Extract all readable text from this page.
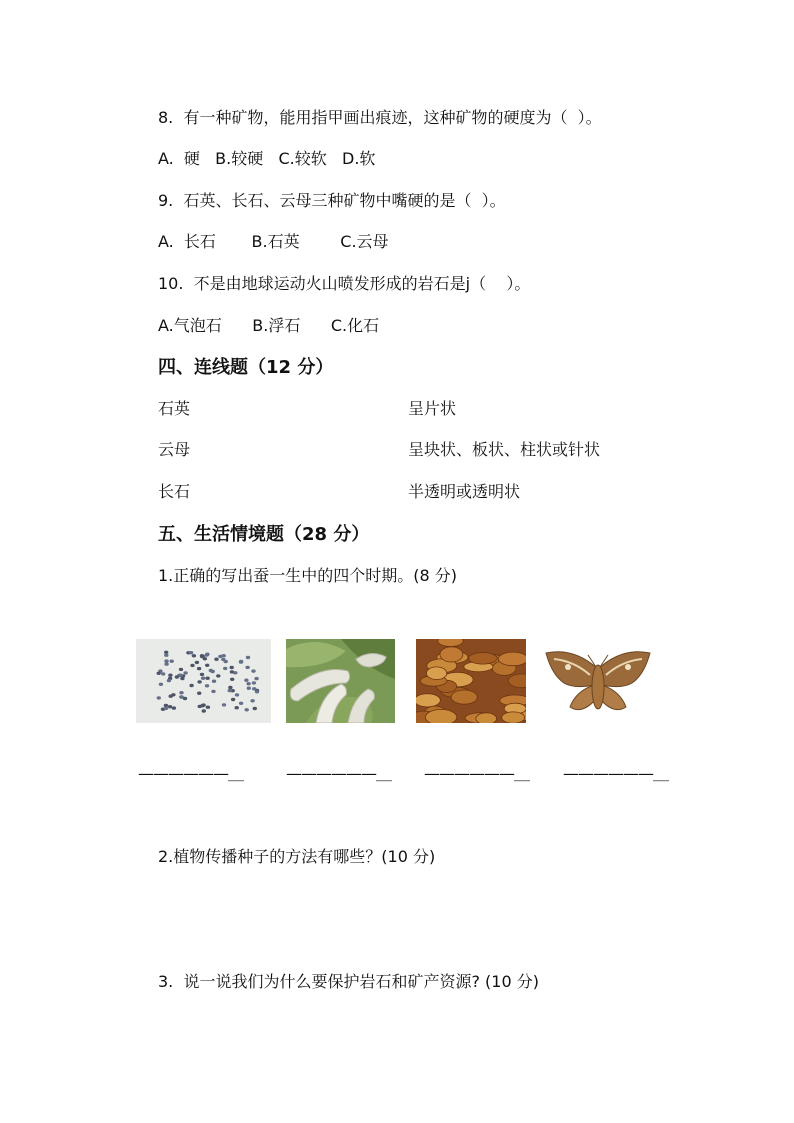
8.  有一种矿物，能用指甲画出痕迹，这种矿物的硬度为（  ）。
A.  硬   B.较硬   C.较软   D.软
9.  石英、长石、云母三种矿物中嘴硬的是（  ）。
A.  长石       B.石英        C.云母
10.  不是由地球运动火山喷发形成的岩石是j（    ）。
A.气泡石      B.浮石      C.化石
四、连线题（12 分）
石英	呈片状
云母	呈块状、板状、柱状或针状
长石	半透明或透明状
五、生活情境题（28 分）
1.正确的写出蚕一生中的四个时期。(8 分)
——————＿	——————＿ ——————＿ ——————＿
2.植物传播种子的方法有哪些？(10 分)
3.  说一说我们为什么要保护岩石和矿产资源? (10 分)
